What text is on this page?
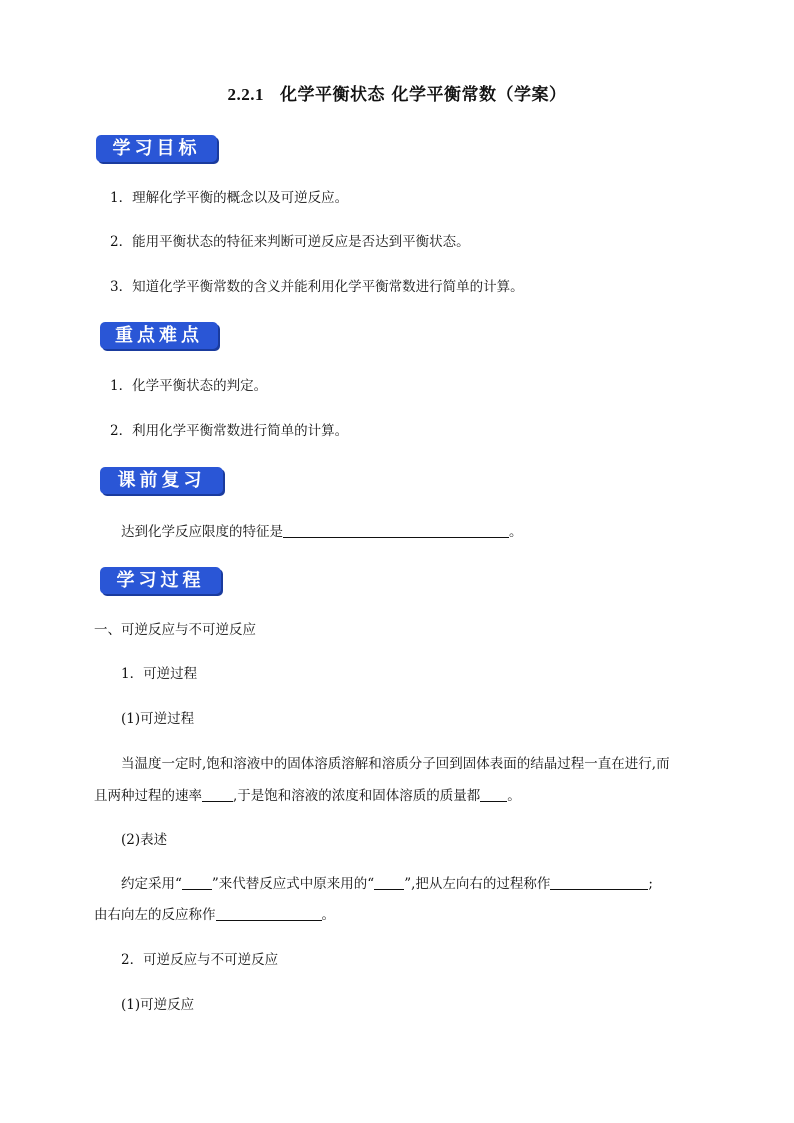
2.2.1 化学平衡状态 化学平衡常数（学案）
学习目标
1．理解化学平衡的概念以及可逆反应。
2．能用平衡状态的特征来判断可逆反应是否达到平衡状态。
3．知道化学平衡常数的含义并能利用化学平衡常数进行简单的计算。
重点难点
1．化学平衡状态的判定。
2．利用化学平衡常数进行简单的计算。
课前复习
达到化学反应限度的特征是	。
学习过程
一、可逆反应与不可逆反应
1．可逆过程
(1)可逆过程
当温度一定时,饱和溶液中的固体溶质溶解和溶质分子回到固体表面的结晶过程一直在进行,而
且两种过程的速率 ,于是饱和溶液的浓度和固体溶质的质量都 。
(2)表述
约定采用“ ”来代替反应式中原来用的“ ”,把从左向右的过程称作	;
由右向左的反应称作	。
2．可逆反应与不可逆反应
(1)可逆反应
